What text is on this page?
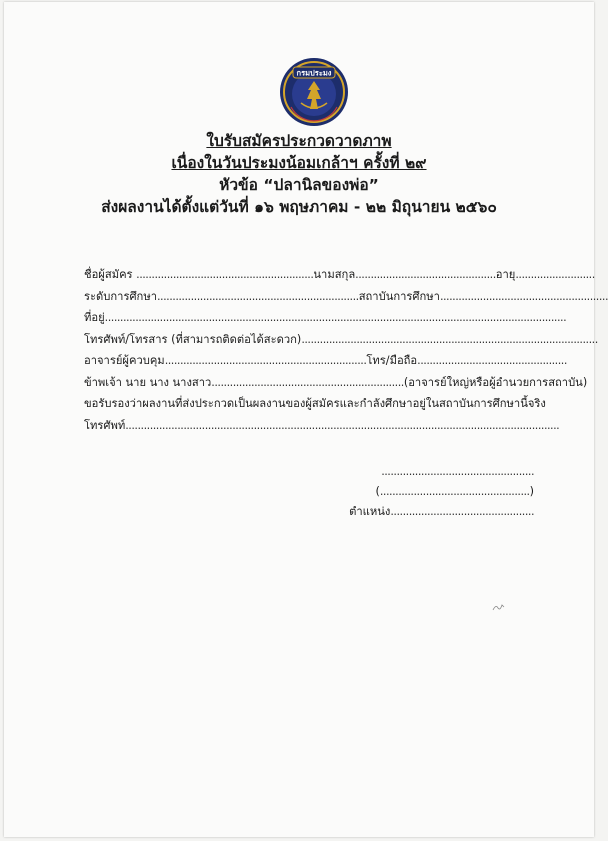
กรมประมง
ใบรับสมัครประกวดวาดภาพ
เนื่องในวันประมงน้อมเกล้าฯ ครั้งที่ ๒๙
หัวข้อ “ปลานิลของพ่อ”
ส่งผลงานได้ตั้งแต่วันที่ ๑๖ พฤษภาคม - ๒๒ มิถุนายน ๒๕๖๐
ชื่อผู้สมัคร ..........................................................นามสกุล..............................................อายุ..........................
ระดับการศึกษา..................................................................สถาบันการศึกษา.......................................................
ที่อยู่.......................................................................................................................................................
โทรศัพท์/โทรสาร (ที่สามารถติดต่อได้สะดวก).................................................................................................
อาจารย์ผู้ควบคุม..................................................................โทร/มือถือ.................................................
ข้าพเจ้า นาย นาง นางสาว...............................................................(อาจารย์ใหญ่หรือผู้อำนวยการสถาบัน)
ขอรับรองว่าผลงานที่ส่งประกวดเป็นผลงานของผู้สมัครและกำลังศึกษาอยู่ในสถาบันการศึกษานี้จริง
โทรศัพท์..............................................................................................................................................
..................................................
(.................................................)
ตำแหน่ง...............................................
